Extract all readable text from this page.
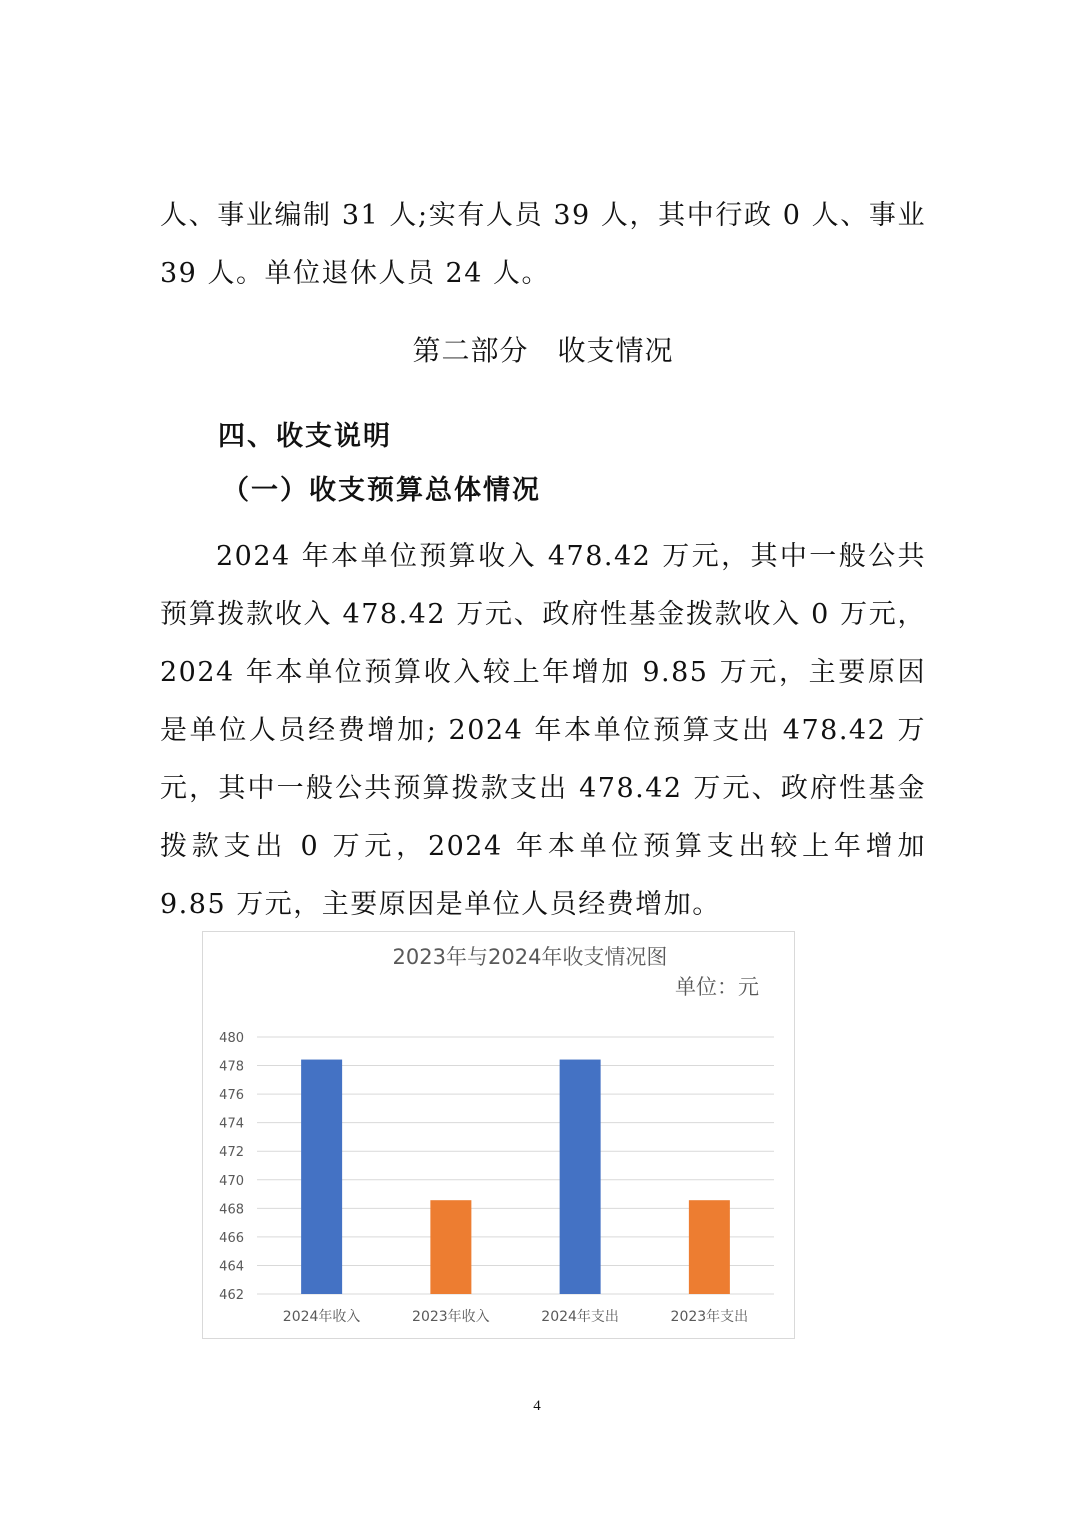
人、事业编制 31 人;实有人员 39 人，其中行政 0 人、事业 39 人。单位退休人员 24 人。

第二部分　收支情况
四、收支说明
（一）收支预算总体情况

2024 年本单位预算收入 478.42 万元，其中一般公共预算拨款收入 478.42 万元、政府性基金拨款收入 0 万元，2024 年本单位预算收入较上年增加 9.85 万元，主要原因是单位人员经费增加; 2024 年本单位预算支出 478.42 万元，其中一般公共预算拨款支出 478.42 万元、政府性基金拨款支出 0 万元，2024 年本单位预算支出较上年增加 9.85 万元，主要原因是单位人员经费增加。

2023年与2024年收支情况图
单位：元
462
464
466
468
470
472
474
476
478
480
2024年收入	2023年收入	2024年支出	2023年支出
4
